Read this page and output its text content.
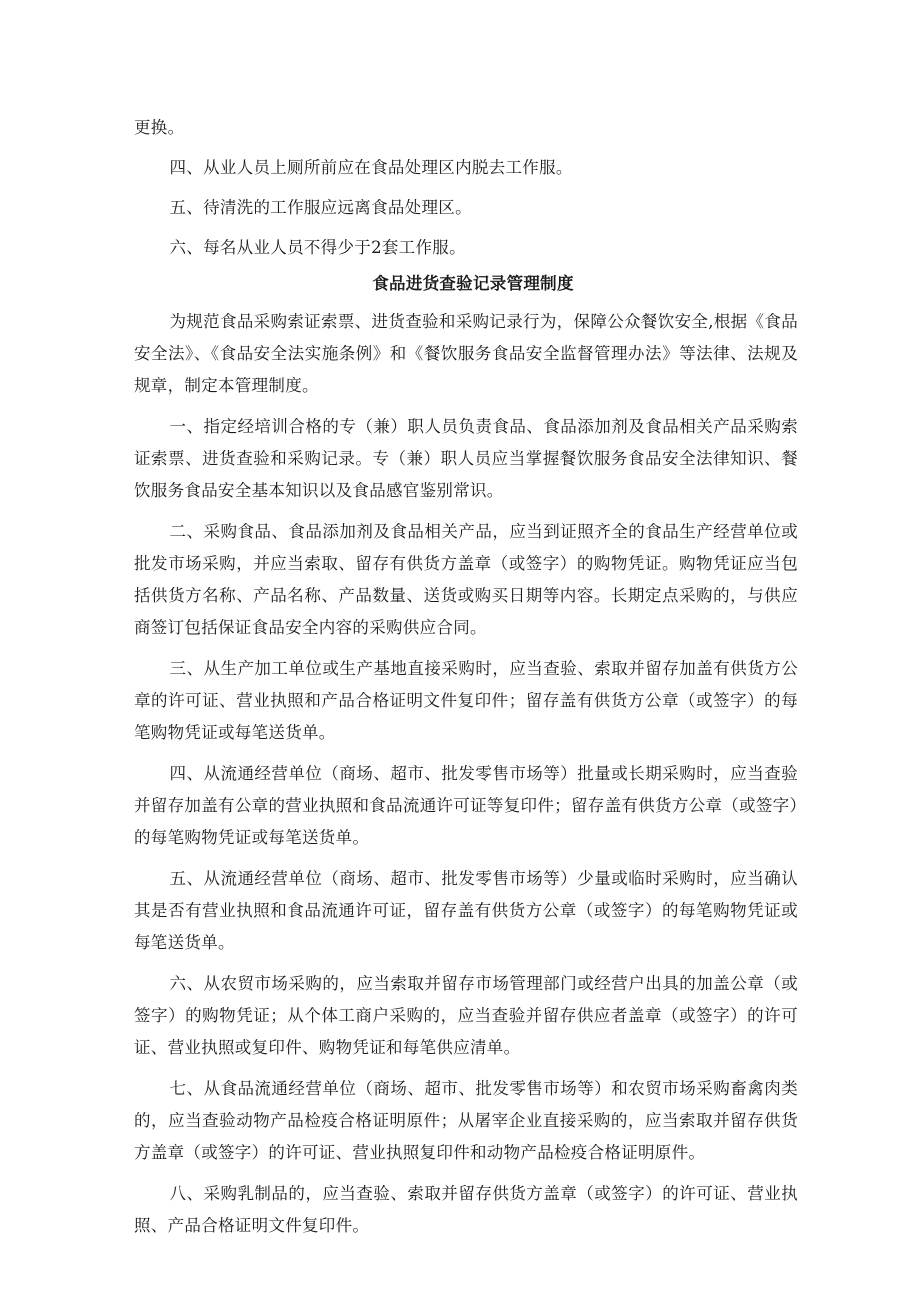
更换。

四、从业人员上厕所前应在食品处理区内脱去工作服。

五、待清洗的工作服应远离食品处理区。

六、每名从业人员不得少于2套工作服。

食品进货查验记录管理制度

为规范食品采购索证索票、进货查验和采购记录行为，保障公众餐饮安全,根据《食品安全法》、《食品安全法实施条例》和《餐饮服务食品安全监督管理办法》等法律、法规及规章，制定本管理制度。

一、指定经培训合格的专（兼）职人员负责食品、食品添加剂及食品相关产品采购索证索票、进货查验和采购记录。专（兼）职人员应当掌握餐饮服务食品安全法律知识、餐饮服务食品安全基本知识以及食品感官鉴别常识。

二、采购食品、食品添加剂及食品相关产品，应当到证照齐全的食品生产经营单位或批发市场采购，并应当索取、留存有供货方盖章（或签字）的购物凭证。购物凭证应当包括供货方名称、产品名称、产品数量、送货或购买日期等内容。长期定点采购的，与供应商签订包括保证食品安全内容的采购供应合同。

三、从生产加工单位或生产基地直接采购时，应当查验、索取并留存加盖有供货方公章的许可证、营业执照和产品合格证明文件复印件；留存盖有供货方公章（或签字）的每笔购物凭证或每笔送货单。

四、从流通经营单位（商场、超市、批发零售市场等）批量或长期采购时，应当查验并留存加盖有公章的营业执照和食品流通许可证等复印件；留存盖有供货方公章（或签字）的每笔购物凭证或每笔送货单。

五、从流通经营单位（商场、超市、批发零售市场等）少量或临时采购时，应当确认其是否有营业执照和食品流通许可证，留存盖有供货方公章（或签字）的每笔购物凭证或每笔送货单。

六、从农贸市场采购的，应当索取并留存市场管理部门或经营户出具的加盖公章（或签字）的购物凭证；从个体工商户采购的，应当查验并留存供应者盖章（或签字）的许可证、营业执照或复印件、购物凭证和每笔供应清单。

七、从食品流通经营单位（商场、超市、批发零售市场等）和农贸市场采购畜禽肉类的，应当查验动物产品检疫合格证明原件；从屠宰企业直接采购的，应当索取并留存供货方盖章（或签字）的许可证、营业执照复印件和动物产品检疫合格证明原件。

八、采购乳制品的，应当查验、索取并留存供货方盖章（或签字）的许可证、营业执照、产品合格证明文件复印件。
